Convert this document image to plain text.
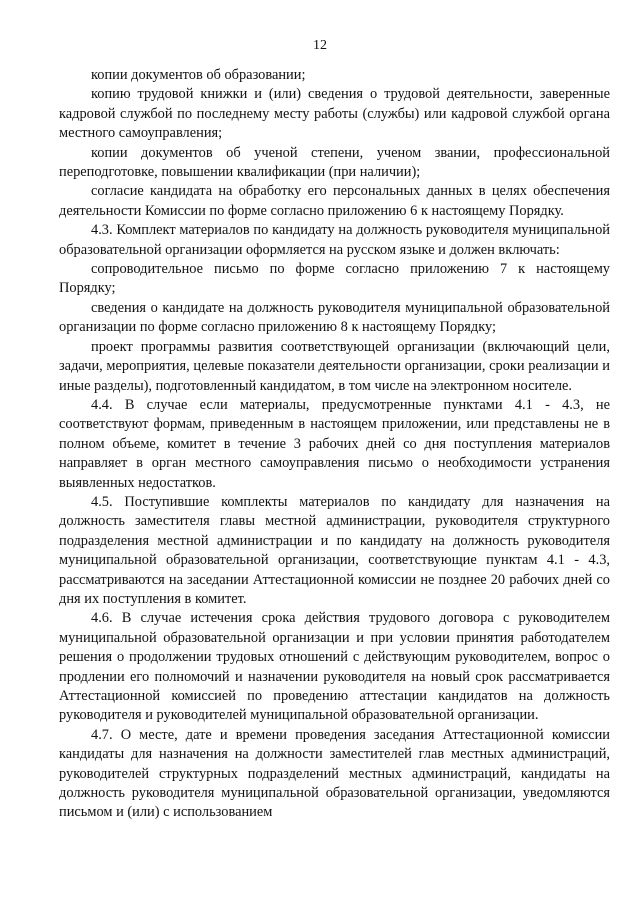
12

копии документов об образовании;

копию трудовой книжки и (или) сведения о трудовой деятельности, заверенные кадровой службой по последнему месту работы (службы) или кадровой службой органа местного самоуправления;

копии документов об ученой степени, ученом звании, профессиональной переподготовке, повышении квалификации (при наличии);

согласие кандидата на обработку его персональных данных в целях обеспечения деятельности Комиссии по форме согласно приложению 6 к настоящему Порядку.

4.3. Комплект материалов по кандидату на должность руководителя муниципальной образовательной организации оформляется на русском языке и должен включать:

сопроводительное письмо по форме согласно приложению 7 к настоящему Порядку;

сведения о кандидате на должность руководителя муниципальной образовательной организации по форме согласно приложению 8 к настоящему Порядку;

проект программы развития соответствующей организации (включающий цели, задачи, мероприятия, целевые показатели деятельности организации, сроки реализации и иные разделы), подготовленный кандидатом, в том числе на электронном носителе.

4.4. В случае если материалы, предусмотренные пунктами 4.1 - 4.3, не соответствуют формам, приведенным в настоящем приложении, или представлены не в полном объеме, комитет в течение 3 рабочих дней со дня поступления материалов направляет в орган местного самоуправления письмо о необходимости устранения выявленных недостатков.

4.5. Поступившие комплекты материалов по кандидату для назначения на должность заместителя главы местной администрации, руководителя структурного подразделения местной администрации и по кандидату на должность руководителя муниципальной образовательной организации, соответствующие пунктам 4.1 - 4.3, рассматриваются на заседании Аттестационной комиссии не позднее 20 рабочих дней со дня их поступления в комитет.

4.6. В случае истечения срока действия трудового договора с руководителем муниципальной образовательной организации и при условии принятия работодателем решения о продолжении трудовых отношений с действующим руководителем, вопрос о продлении его полномочий и назначении руководителя на новый срок рассматривается Аттестационной комиссией по проведению аттестации кандидатов на должность руководителя и руководителей муниципальной образовательной организации.

4.7. О месте, дате и времени проведения заседания Аттестационной комиссии кандидаты для назначения на должности заместителей глав местных администраций, руководителей структурных подразделений местных администраций, кандидаты на должность руководителя муниципальной образовательной организации, уведомляются письмом и (или) с использованием
